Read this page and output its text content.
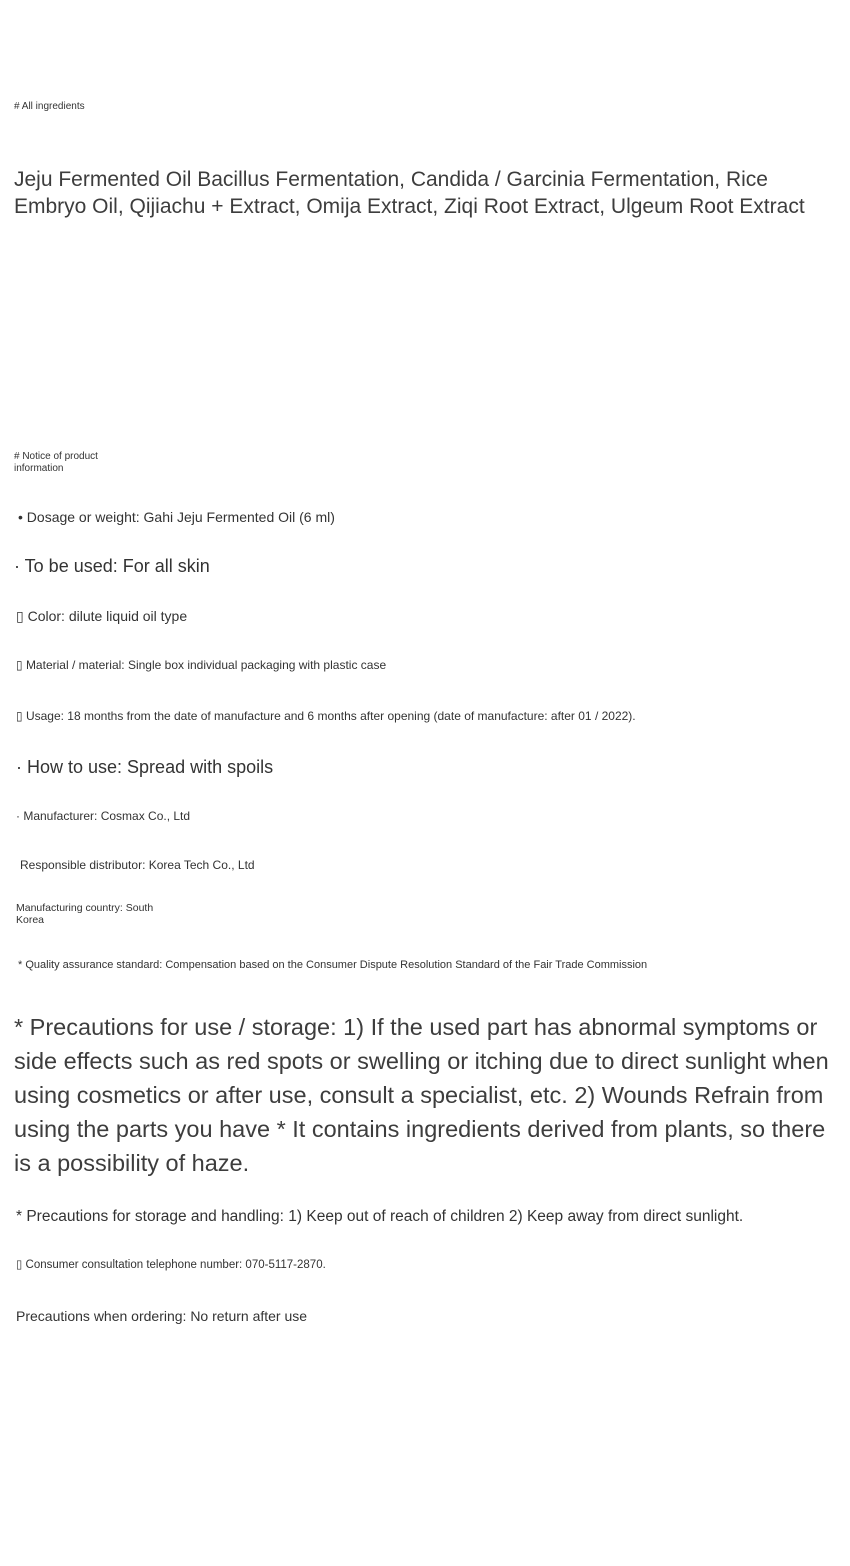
# All ingredients

Jeju Fermented Oil Bacillus Fermentation, Candida / Garcinia Fermentation, Rice Embryo Oil, Qijiachu + Extract, Omija Extract, Ziqi Root Extract, Ulgeum Root Extract

# Notice of product information

• Dosage or weight: Gahi Jeju Fermented Oil (6 ml)

· To be used: For all skin

▯ Color: dilute liquid oil type

▯ Material / material: Single box individual packaging with plastic case

▯ Usage: 18 months from the date of manufacture and 6 months after opening (date of manufacture: after 01 / 2022).

· How to use: Spread with spoils

· Manufacturer: Cosmax Co., Ltd

Responsible distributor: Korea Tech Co., Ltd

Manufacturing country: South Korea

* Quality assurance standard: Compensation based on the Consumer Dispute Resolution Standard of the Fair Trade Commission

* Precautions for use / storage: 1) If the used part has abnormal symptoms or side effects such as red spots or swelling or itching due to direct sunlight when using cosmetics or after use, consult a specialist, etc. 2) Wounds Refrain from using the parts you have * It contains ingredients derived from plants, so there is a possibility of haze.

* Precautions for storage and handling: 1) Keep out of reach of children 2) Keep away from direct sunlight.

▯ Consumer consultation telephone number: 070-5117-2870.

Precautions when ordering: No return after use
